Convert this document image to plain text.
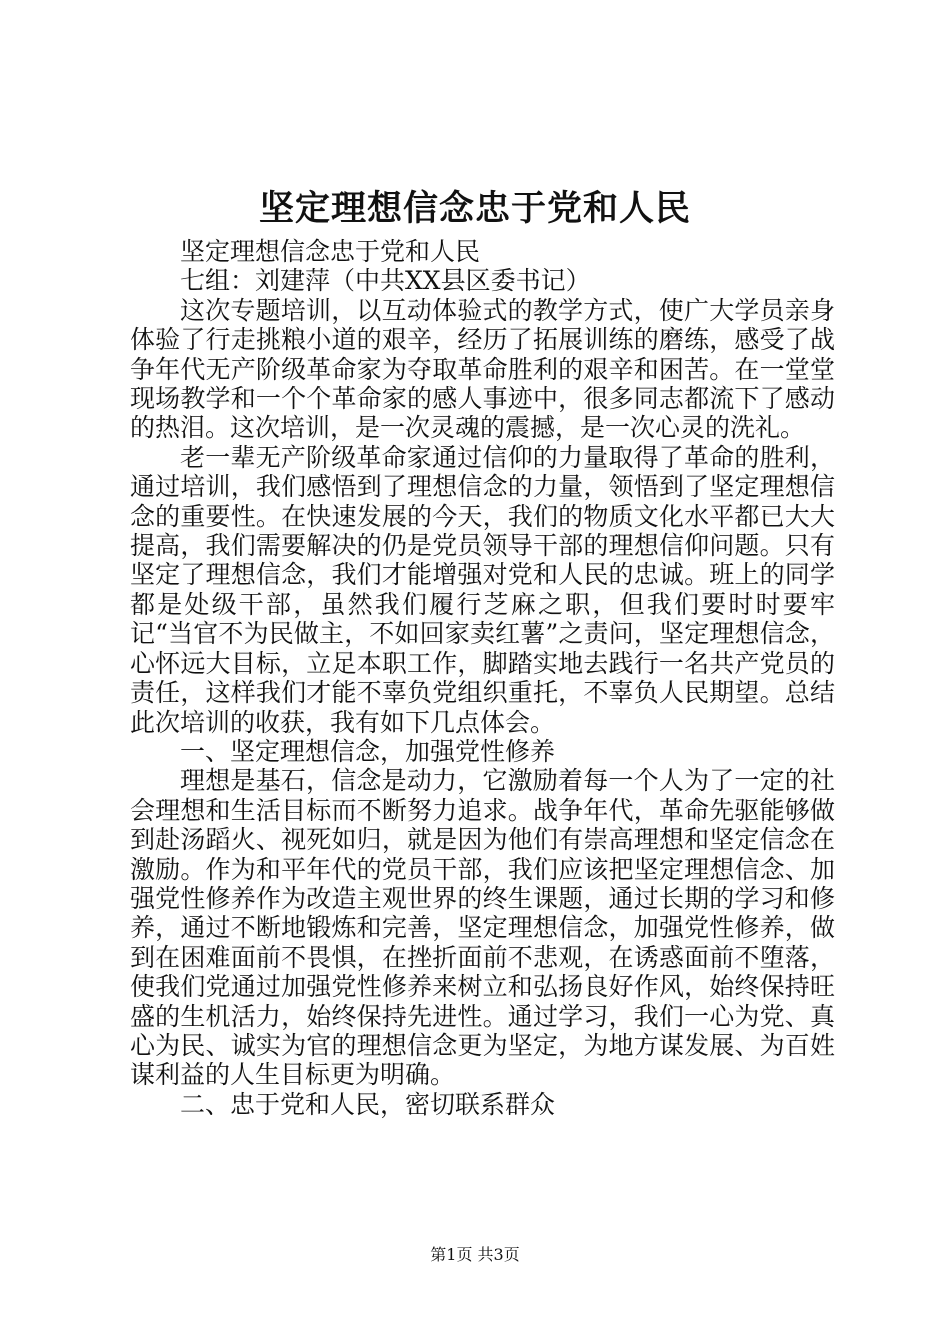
坚定理想信念忠于党和人民

坚定理想信念忠于党和人民

七组：刘建萍（中共XX县区委书记）

这次专题培训，以互动体验式的教学方式，使广大学员亲身体验了行走挑粮小道的艰辛，经历了拓展训练的磨练，感受了战争年代无产阶级革命家为夺取革命胜利的艰辛和困苦。在一堂堂现场教学和一个个革命家的感人事迹中，很多同志都流下了感动的热泪。这次培训，是一次灵魂的震撼，是一次心灵的洗礼。

老一辈无产阶级革命家通过信仰的力量取得了革命的胜利，通过培训，我们感悟到了理想信念的力量，领悟到了坚定理想信念的重要性。在快速发展的今天，我们的物质文化水平都已大大提高，我们需要解决的仍是党员领导干部的理想信仰问题。只有坚定了理想信念，我们才能增强对党和人民的忠诚。班上的同学都是处级干部，虽然我们履行芝麻之职，但我们要时时要牢记“当官不为民做主，不如回家卖红薯”之责问，坚定理想信念，心怀远大目标，立足本职工作，脚踏实地去践行一名共产党员的责任，这样我们才能不辜负党组织重托，不辜负人民期望。总结此次培训的收获，我有如下几点体会。

一、坚定理想信念，加强党性修养

理想是基石，信念是动力，它激励着每一个人为了一定的社会理想和生活目标而不断努力追求。战争年代，革命先驱能够做到赴汤蹈火、视死如归，就是因为他们有崇高理想和坚定信念在激励。作为和平年代的党员干部，我们应该把坚定理想信念、加强党性修养作为改造主观世界的终生课题，通过长期的学习和修养，通过不断地锻炼和完善，坚定理想信念，加强党性修养，做到在困难面前不畏惧，在挫折面前不悲观，在诱惑面前不堕落，使我们党通过加强党性修养来树立和弘扬良好作风，始终保持旺盛的生机活力，始终保持先进性。通过学习，我们一心为党、真心为民、诚实为官的理想信念更为坚定，为地方谋发展、为百姓谋利益的人生目标更为明确。

二、忠于党和人民，密切联系群众

第1页 共3页
